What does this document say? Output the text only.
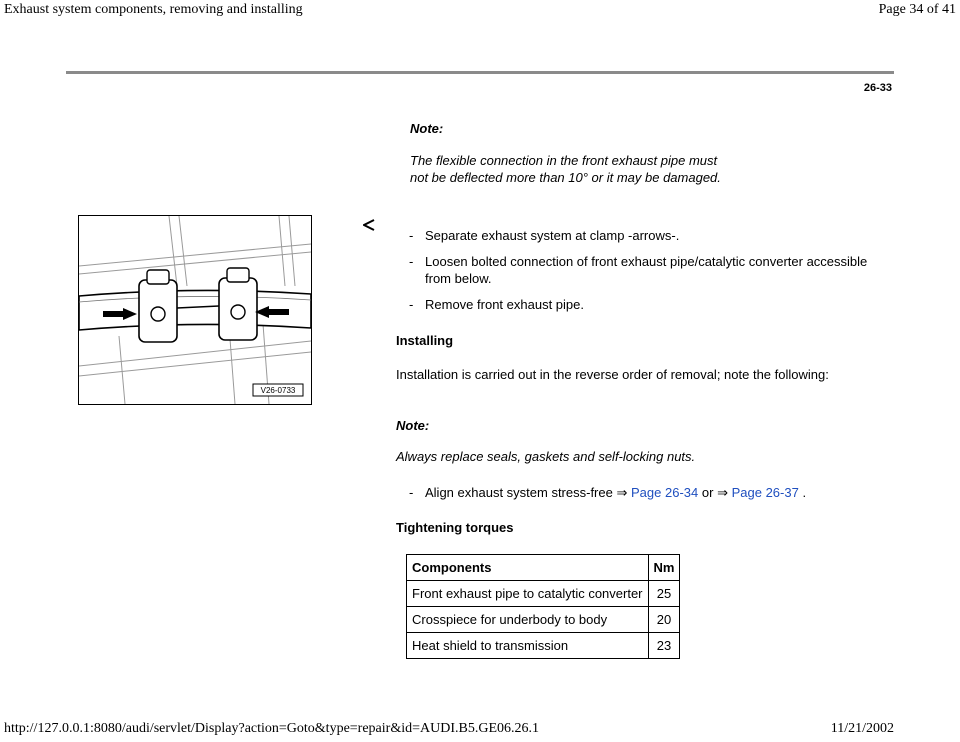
Exhaust system components, removing and installing	Page 34 of 41
26-33
Note:
The flexible connection in the front exhaust pipe must not be deflected more than 10° or it may be damaged.
V26-0733
- Separate exhaust system at clamp -arrows-.
- Loosen bolted connection of front exhaust pipe/catalytic converter accessible from below.
- Remove front exhaust pipe.
Installing
Installation is carried out in the reverse order of removal; note the following:
Note:
Always replace seals, gaskets and self-locking nuts.
- Align exhaust system stress-free ⇒ Page 26-34 or ⇒ Page 26-37 .
Tightening torques
Components	Nm
Front exhaust pipe to catalytic converter	25
Crosspiece for underbody to body	20
Heat shield to transmission	23
http://127.0.0.1:8080/audi/servlet/Display?action=Goto&type=repair&id=AUDI.B5.GE06.26.1	11/21/2002
